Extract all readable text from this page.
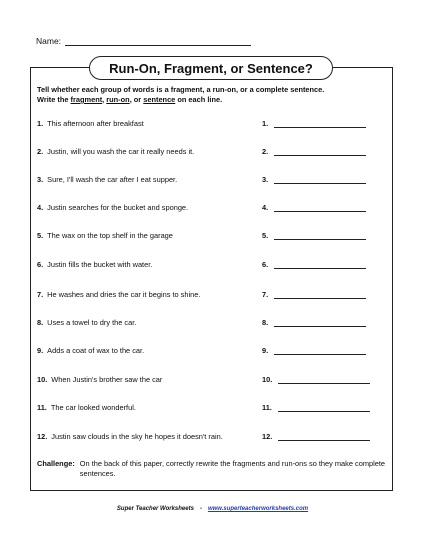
Name:
Run-On, Fragment, or Sentence?
Tell whether each group of words is a fragment, a run-on, or a complete sentence.
Write the fragment, run-on, or sentence on each line.
1. This afternoon after breakfast	1.
2. Justin, will you wash the car it really needs it.	2.
3. Sure, I'll wash the car after I eat supper.	3.
4. Justin searches for the bucket and sponge.	4.
5. The wax on the top shelf in the garage	5.
6. Justin fills the bucket with water.	6.
7. He washes and dries the car it begins to shine.	7.
8. Uses a towel to dry the car.	8.
9. Adds a coat of wax to the car.	9.
10. When Justin's brother saw the car	10.
11. The car looked wonderful.	11.
12. Justin saw clouds in the sky he hopes it doesn't rain.	12.
Challenge: On the back of this paper, correctly rewrite the fragments and run-ons so they make complete sentences.
Super Teacher Worksheets - www.superteacherworksheets.com
